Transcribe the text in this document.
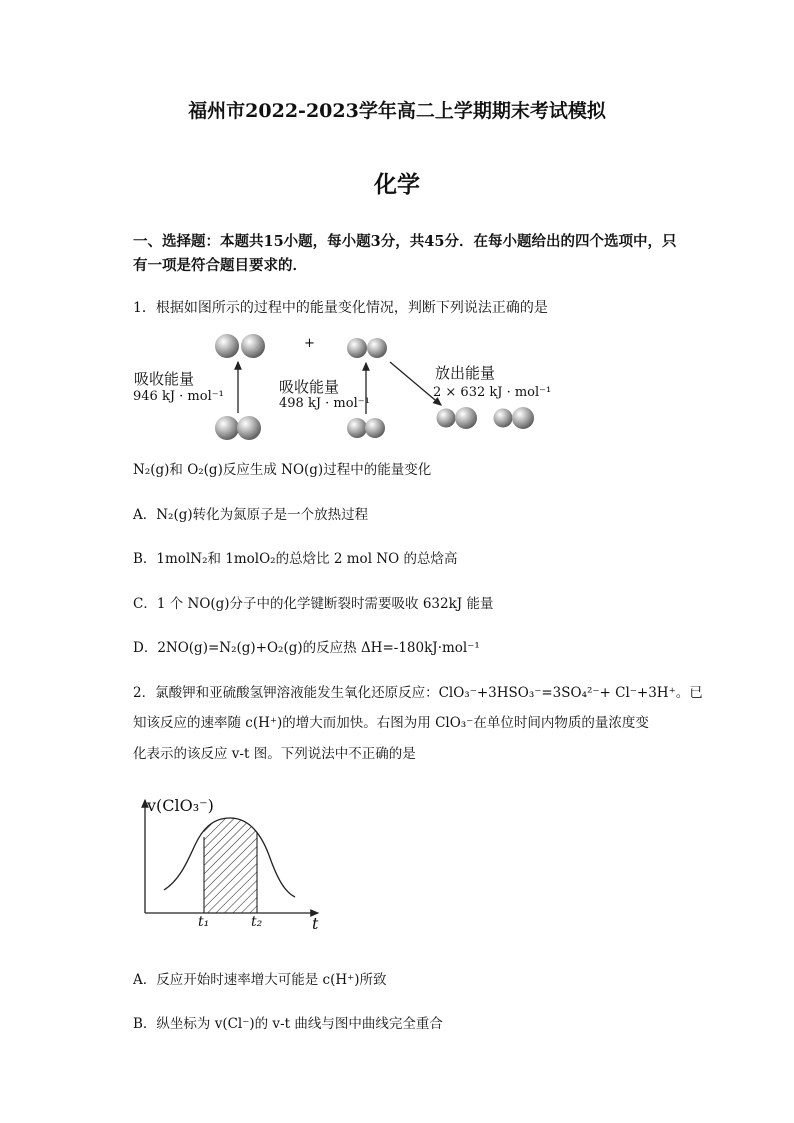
福州市2022-2023学年高二上学期期末考试模拟
化学
一、选择题：本题共15小题，每小题3分，共45分．在每小题给出的四个选项中，只
有一项是符合题目要求的．
1．根据如图所示的过程中的能量变化情况，判断下列说法正确的是
+
吸收能量
946 kJ · mol⁻¹
吸收能量
498 kJ · mol⁻¹
放出能量
2 × 632 kJ · mol⁻¹
N₂(g)和 O₂(g)反应生成 NO(g)过程中的能量变化
A．N₂(g)转化为氮原子是一个放热过程
B．1molN₂和 1molO₂的总焓比 2 mol NO 的总焓高
C．1 个 NO(g)分子中的化学键断裂时需要吸收 632kJ 能量
D．2NO(g)=N₂(g)+O₂(g)的反应热 ΔH=-180kJ·mol⁻¹
2．氯酸钾和亚硫酸氢钾溶液能发生氧化还原反应：ClO₃⁻+3HSO₃⁻=3SO₄²⁻+ Cl⁻+3H⁺。已
知该反应的速率随 c(H⁺)的增大而加快。右图为用 ClO₃⁻在单位时间内物质的量浓度变
化表示的该反应 v-t 图。下列说法中不正确的是
v(ClO₃⁻)
t
t₁	t₂
A．反应开始时速率增大可能是 c(H⁺)所致
B．纵坐标为 v(Cl⁻)的 v-t 曲线与图中曲线完全重合
